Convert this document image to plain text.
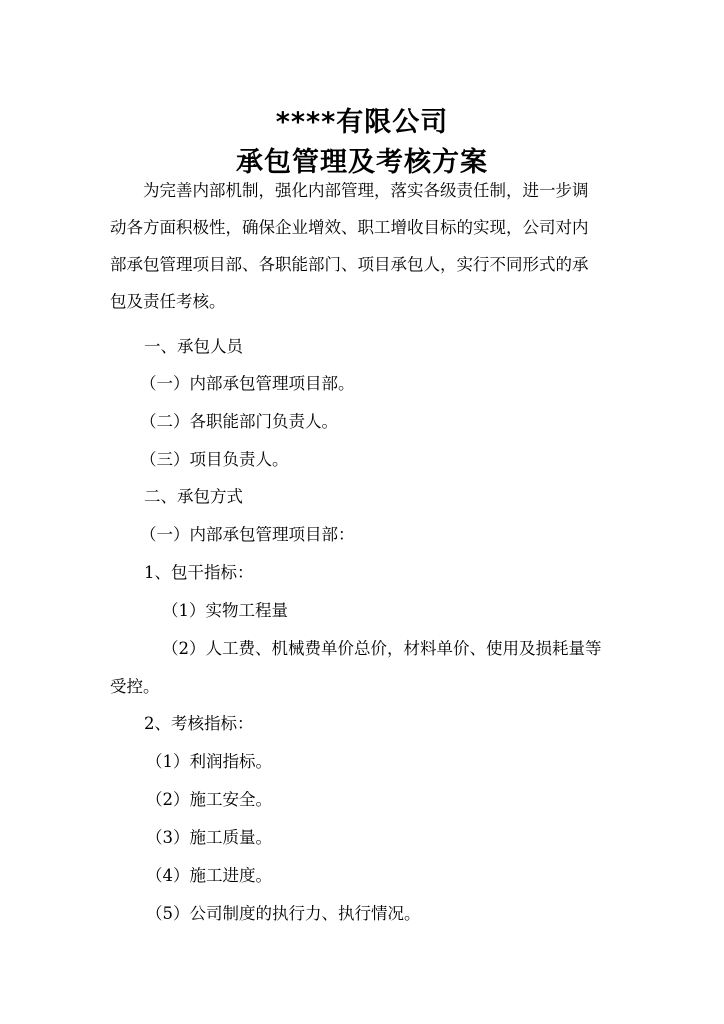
****有限公司
承包管理及考核方案
　　为完善内部机制，强化内部管理，落实各级责任制，进一步调
动各方面积极性，确保企业增效、职工增收目标的实现，公司对内
部承包管理项目部、各职能部门、项目承包人，实行不同形式的承
包及责任考核。
一、承包人员
（一）内部承包管理项目部。
（二）各职能部门负责人。
（三）项目负责人。
二、承包方式
（一）内部承包管理项目部：
1、包干指标：
（1）实物工程量
（2）人工费、机械费单价总价，材料单价、使用及损耗量等
受控。
2、考核指标：
（1）利润指标。
（2）施工安全。
（3）施工质量。
（4）施工进度。
（5）公司制度的执行力、执行情况。
